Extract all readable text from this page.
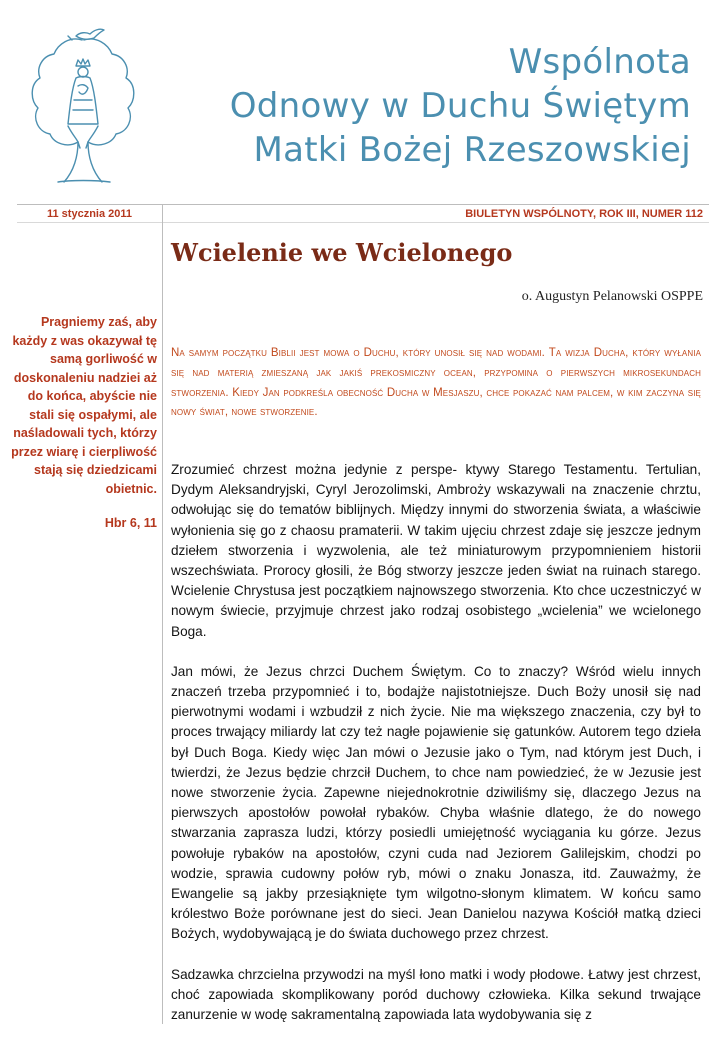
Wspólnota
Odnowy w Duchu Świętym
Matki Bożej Rzeszowskiej
11 stycznia 2011	BIULETYN WSPÓLNOTY, ROK III, NUMER 112
Pragniemy zaś, aby każdy z was okazywał tę samą gorliwość w doskonaleniu nadziei aż do końca, abyście nie stali się ospałymi, ale naśladowali tych, którzy przez wiarę i cierpliwość stają się dziedzicami obietnic.
Hbr 6, 11
Wcielenie we Wcielonego
o. Augustyn Pelanowski OSPPE
Na samym początku Biblii jest mowa o Duchu, który unosił się nad wodami. Ta wizja Ducha, który wyłania się nad materią zmieszaną jak jakiś prekosmiczny ocean, przypomina o pierwszych mikrosekundach stworzenia. Kiedy Jan podkreśla obecność Ducha w Mesjaszu, chce pokazać nam palcem, w kim zaczyna się nowy świat, nowe stworzenie.

Zrozumieć chrzest można jedynie z perspe- ktywy Starego Testamentu. Tertulian, Dydym Aleksandryjski, Cyryl Jerozolimski, Ambroży wskazywali na znaczenie chrztu, odwołując się do tematów biblijnych. Między innymi do stworzenia świata, a właściwie wyłonienia się go z chaosu pramaterii. W takim ujęciu chrzest zdaje się jeszcze jednym dziełem stworzenia i wyzwolenia, ale też miniaturowym przypomnieniem historii wszechświata. Prorocy głosili, że Bóg stworzy jeszcze jeden świat na ruinach starego. Wcielenie Chrystusa jest początkiem najnowszego stworzenia. Kto chce uczestniczyć w nowym świecie, przyjmuje chrzest jako rodzaj osobistego „wcielenia” we wcielonego Boga.

Jan mówi, że Jezus chrzci Duchem Świętym. Co to znaczy? Wśród wielu innych znaczeń trzeba przypomnieć i to, bodajże najistotniejsze. Duch Boży unosił się nad pierwotnymi wodami i wzbudził z nich życie. Nie ma większego znaczenia, czy był to proces trwający miliardy lat czy też nagłe pojawienie się gatunków. Autorem tego dzieła był Duch Boga. Kiedy więc Jan mówi o Jezusie jako o Tym, nad którym jest Duch, i twierdzi, że Jezus będzie chrzcił Duchem, to chce nam powiedzieć, że w Jezusie jest nowe stworzenie życia. Zapewne niejednokrotnie dziwiliśmy się, dlaczego Jezus na pierwszych apostołów powołał rybaków. Chyba właśnie dlatego, że do nowego stwarzania zaprasza ludzi, którzy posiedli umiejętność wyciągania ku górze. Jezus powołuje rybaków na apostołów, czyni cuda nad Jeziorem Galilejskim, chodzi po wodzie, sprawia cudowny połów ryb, mówi o znaku Jonasza, itd. Zauważmy, że Ewangelie są jakby przesiąknięte tym wilgotno-słonym klimatem. W końcu samo królestwo Boże porównane jest do sieci. Jean Danielou nazywa Kościół matką dzieci Bożych, wydobywającą je do świata duchowego przez chrzest.

Sadzawka chrzcielna przywodzi na myśl łono matki i wody płodowe. Łatwy jest chrzest, choć zapowiada skomplikowany poród duchowy człowieka. Kilka sekund trwające zanurzenie w wodę sakramentalną zapowiada lata wydobywania się z
